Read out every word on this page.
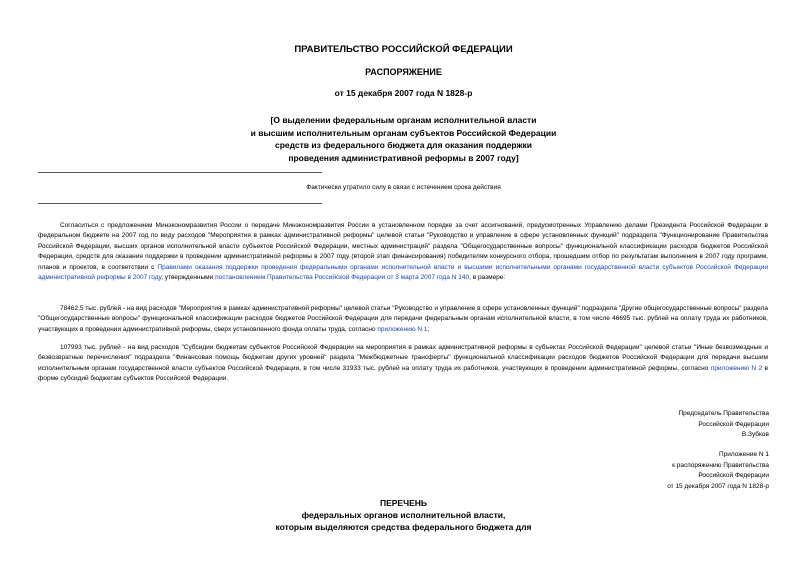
ПРАВИТЕЛЬСТВО РОССИЙСКОЙ ФЕДЕРАЦИИ
РАСПОРЯЖЕНИЕ
от 15 декабря 2007 года N 1828-р
[О выделении федеральным органам исполнительной власти
и высшим исполнительным органам субъектов Российской Федерации
средств из федерального бюджета для оказания поддержки
проведения административной реформы в 2007 году]
Фактически утратило силу в связи с истечением срока действия
Согласиться с предложением Минэкономразвития России о передаче Минэкономразвития России в установленном порядке за счет ассигнований, предусмотренных Управлению делами Президента Российской Федерации в федеральном бюджете на 2007 год по виду расходов "Мероприятия в рамках административной реформы" целевой статьи "Руководство и управление в сфере установленных функций" подраздела "Функционирование Правительства Российской Федерации, высших органов исполнительной власти субъектов Российской Федерации, местных администраций" раздела "Общегосударственные вопросы" функциональной классификации расходов бюджетов Российской Федерации, средств для оказания поддержки в проведении административной реформы в 2007 году (второй этап финансирования) победителям конкурсного отбора, прошедшим отбор по результатам выполнения в 2007 году программ, планов и проектов, в соответствии с Правилами оказания поддержки проведения федеральными органами исполнительной власти и высшими исполнительными органами государственной власти субъектов Российской Федерации административной реформы в 2007 году, утвержденными постановлением Правительства Российской Федерации от 3 марта 2007 года N 140, в размере:
78462,5 тыс. рублей - на вид расходов "Мероприятия в рамках административной реформы" целевой статьи "Руководство и управление в сфере установленных функций" подраздела "Другие общегосударственные вопросы" раздела "Общегосударственные вопросы" функциональной классификации расходов бюджетов Российской Федерации для передачи федеральным органам исполнительной власти, в том числе 46695 тыс. рублей на оплату труда их работников, участвующих в проведении административной реформы, сверх установленного фонда оплаты труда, согласно приложению N 1;
107993 тыс. рублей - на вид расходов "Субсидии бюджетам субъектов Российской Федерации на мероприятия в рамках административной реформы в субъектах Российской Федерации" целевой статьи "Иные безвозмездные и безвозвратные перечисления" подраздела "Финансовая помощь бюджетам других уровней" раздела "Межбюджетные трансферты" функциональной классификации расходов бюджетов Российской Федерации для передачи высшим исполнительным органам государственной власти субъектов Российской Федерации, в том числе 31933 тыс. рублей на оплату труда их работников, участвующих в проведении административной реформы, согласно приложению N 2 в форме субсидий бюджетам субъектов Российской Федерации.
Председатель Правительства
Российской Федерации
В.Зубков
Приложение N 1
к распоряжению Правительства
Российской Федерации
от 15 декабря 2007 года N 1828-р
ПЕРЕЧЕНЬ
федеральных органов исполнительной власти,
которым выделяются средства федерального бюджета для
